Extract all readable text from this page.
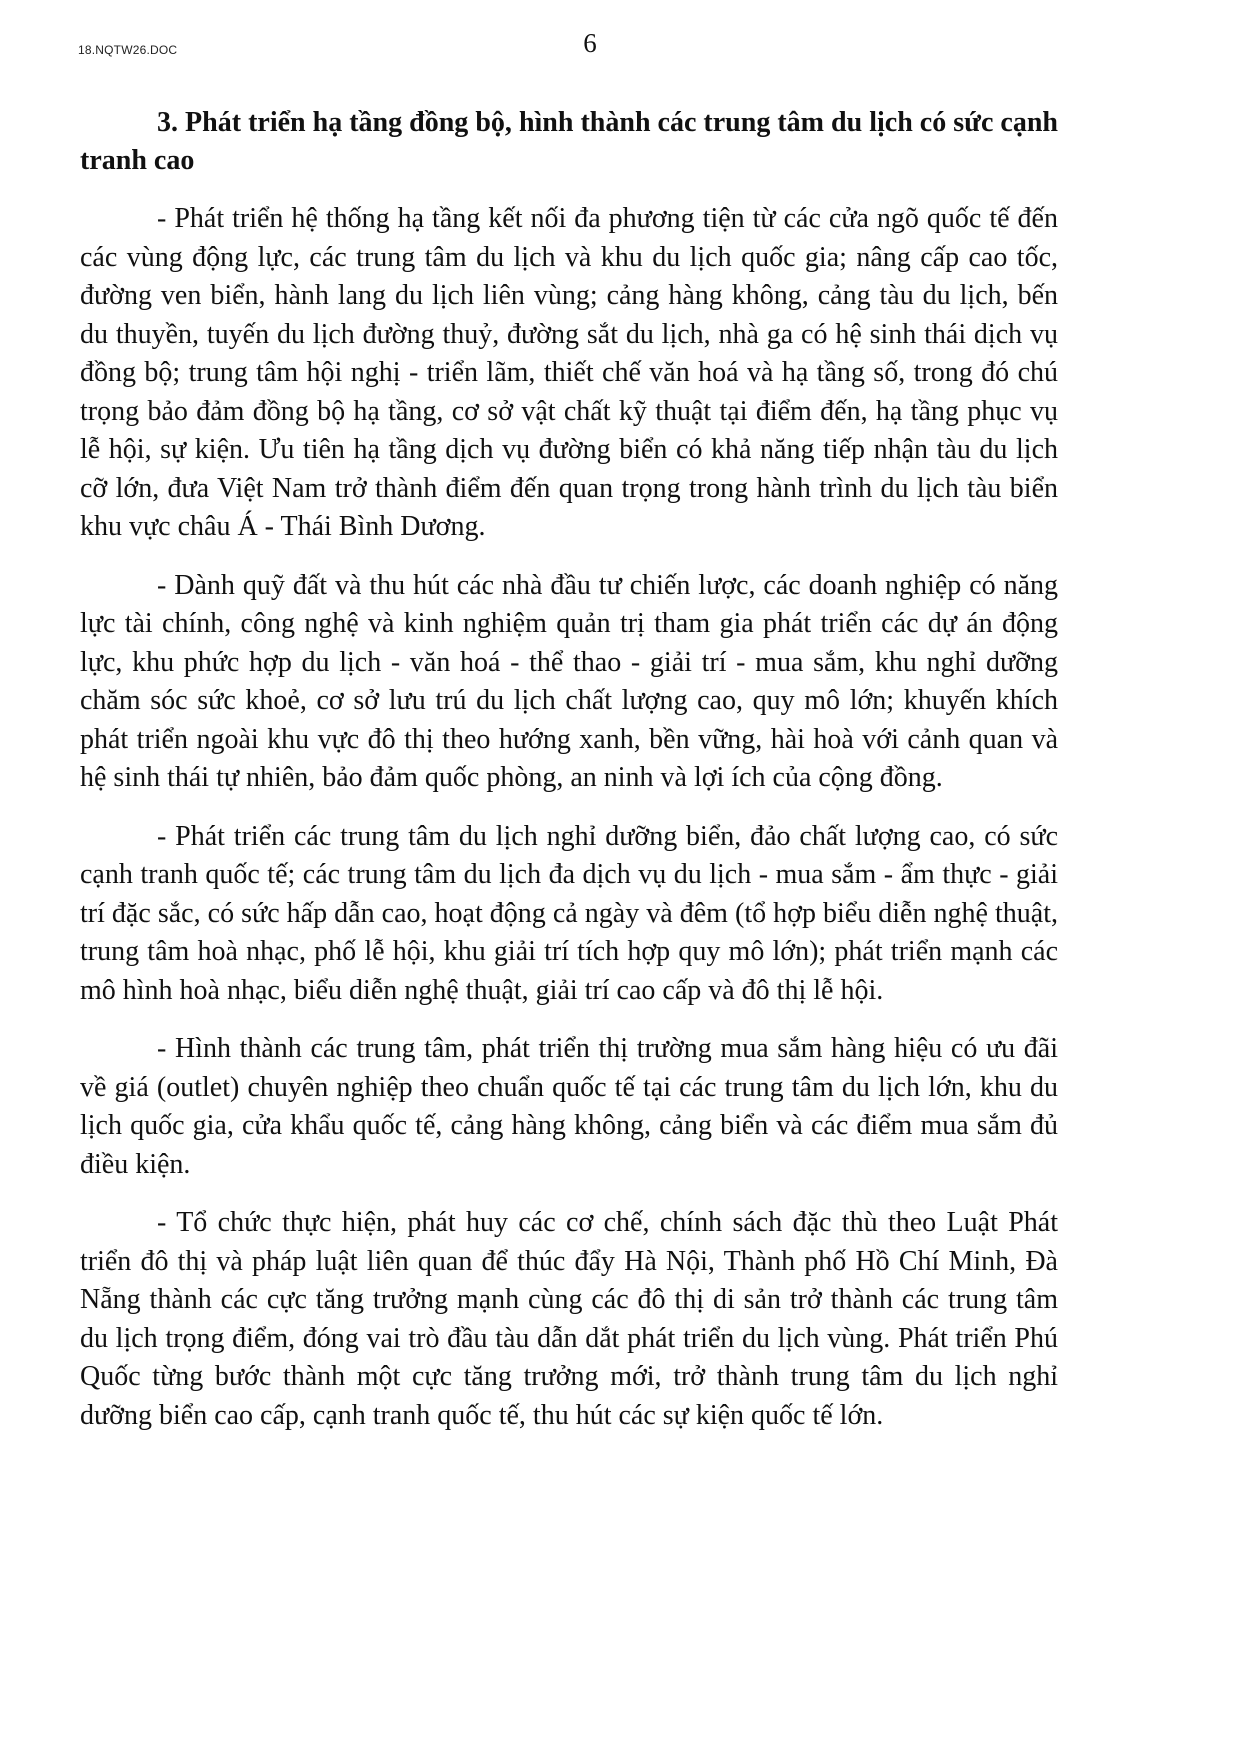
18.NQTW26.DOC	6

3. Phát triển hạ tầng đồng bộ, hình thành các trung tâm du lịch có sức cạnh tranh cao

- Phát triển hệ thống hạ tầng kết nối đa phương tiện từ các cửa ngõ quốc tế đến các vùng động lực, các trung tâm du lịch và khu du lịch quốc gia; nâng cấp cao tốc, đường ven biển, hành lang du lịch liên vùng; cảng hàng không, cảng tàu du lịch, bến du thuyền, tuyến du lịch đường thuỷ, đường sắt du lịch, nhà ga có hệ sinh thái dịch vụ đồng bộ; trung tâm hội nghị - triển lãm, thiết chế văn hoá và hạ tầng số, trong đó chú trọng bảo đảm đồng bộ hạ tầng, cơ sở vật chất kỹ thuật tại điểm đến, hạ tầng phục vụ lễ hội, sự kiện. Ưu tiên hạ tầng dịch vụ đường biển có khả năng tiếp nhận tàu du lịch cỡ lớn, đưa Việt Nam trở thành điểm đến quan trọng trong hành trình du lịch tàu biển khu vực châu Á - Thái Bình Dương.

- Dành quỹ đất và thu hút các nhà đầu tư chiến lược, các doanh nghiệp có năng lực tài chính, công nghệ và kinh nghiệm quản trị tham gia phát triển các dự án động lực, khu phức hợp du lịch - văn hoá - thể thao - giải trí - mua sắm, khu nghỉ dưỡng chăm sóc sức khoẻ, cơ sở lưu trú du lịch chất lượng cao, quy mô lớn; khuyến khích phát triển ngoài khu vực đô thị theo hướng xanh, bền vững, hài hoà với cảnh quan và hệ sinh thái tự nhiên, bảo đảm quốc phòng, an ninh và lợi ích của cộng đồng.

- Phát triển các trung tâm du lịch nghỉ dưỡng biển, đảo chất lượng cao, có sức cạnh tranh quốc tế; các trung tâm du lịch đa dịch vụ du lịch - mua sắm - ẩm thực - giải trí đặc sắc, có sức hấp dẫn cao, hoạt động cả ngày và đêm (tổ hợp biểu diễn nghệ thuật, trung tâm hoà nhạc, phố lễ hội, khu giải trí tích hợp quy mô lớn); phát triển mạnh các mô hình hoà nhạc, biểu diễn nghệ thuật, giải trí cao cấp và đô thị lễ hội.

- Hình thành các trung tâm, phát triển thị trường mua sắm hàng hiệu có ưu đãi về giá (outlet) chuyên nghiệp theo chuẩn quốc tế tại các trung tâm du lịch lớn, khu du lịch quốc gia, cửa khẩu quốc tế, cảng hàng không, cảng biển và các điểm mua sắm đủ điều kiện.

- Tổ chức thực hiện, phát huy các cơ chế, chính sách đặc thù theo Luật Phát triển đô thị và pháp luật liên quan để thúc đẩy Hà Nội, Thành phố Hồ Chí Minh, Đà Nẵng thành các cực tăng trưởng mạnh cùng các đô thị di sản trở thành các trung tâm du lịch trọng điểm, đóng vai trò đầu tàu dẫn dắt phát triển du lịch vùng. Phát triển Phú Quốc từng bước thành một cực tăng trưởng mới, trở thành trung tâm du lịch nghỉ dưỡng biển cao cấp, cạnh tranh quốc tế, thu hút các sự kiện quốc tế lớn.
